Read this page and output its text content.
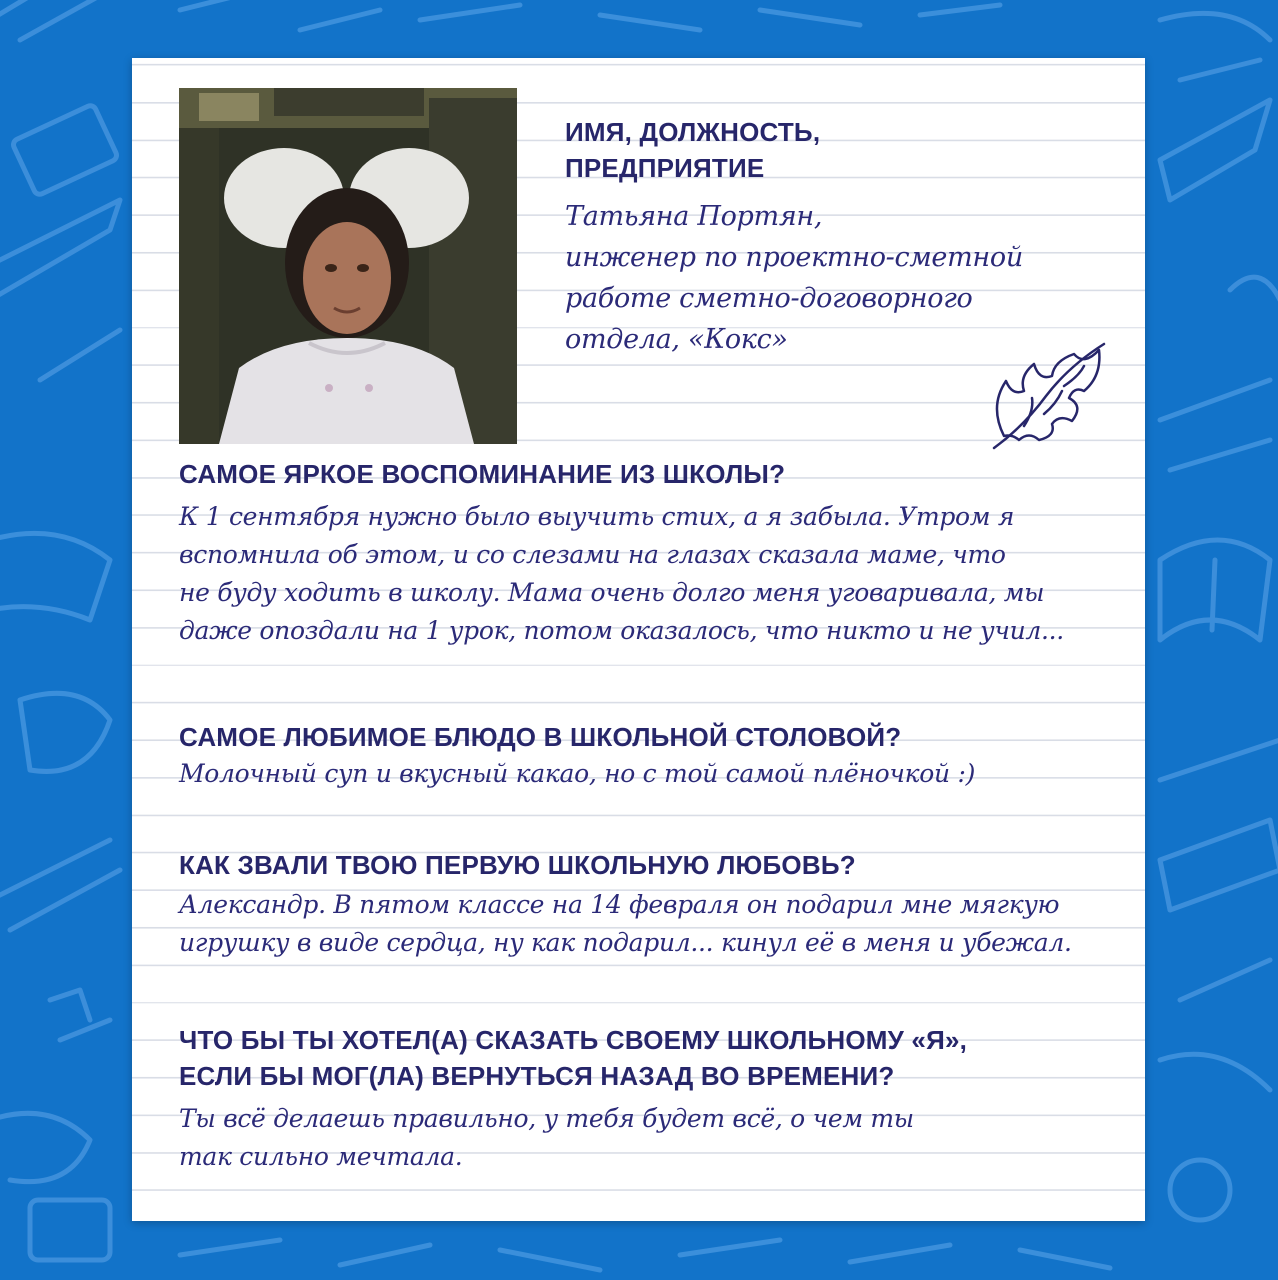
ИМЯ, ДОЛЖНОСТЬ,
ПРЕДПРИЯТИЕ
Татьяна Портян,
инженер по проектно-сметной
работе сметно-договорного
отдела, «Кокс»
САМОЕ ЯРКОЕ ВОСПОМИНАНИЕ ИЗ ШКОЛЫ?
К 1 сентября нужно было выучить стих, а я забыла. Утром я
вспомнила об этом, и со слезами на глазах сказала маме, что
не буду ходить в школу. Мама очень долго меня уговаривала, мы
даже опоздали на 1 урок, потом оказалось, что никто и не учил...
САМОЕ ЛЮБИМОЕ БЛЮДО В ШКОЛЬНОЙ СТОЛОВОЙ?
Молочный суп и вкусный какао, но с той самой плёночкой :)
КАК ЗВАЛИ ТВОЮ ПЕРВУЮ ШКОЛЬНУЮ ЛЮБОВЬ?
Александр. В пятом классе на 14 февраля он подарил мне мягкую
игрушку в виде сердца, ну как подарил... кинул её в меня и убежал.
ЧТО БЫ ТЫ ХОТЕЛ(А) СКАЗАТЬ СВОЕМУ ШКОЛЬНОМУ «Я»,
ЕСЛИ БЫ МОГ(ЛА) ВЕРНУТЬСЯ НАЗАД ВО ВРЕМЕНИ?
Ты всё делаешь правильно, у тебя будет всё, о чем ты
так сильно мечтала.
